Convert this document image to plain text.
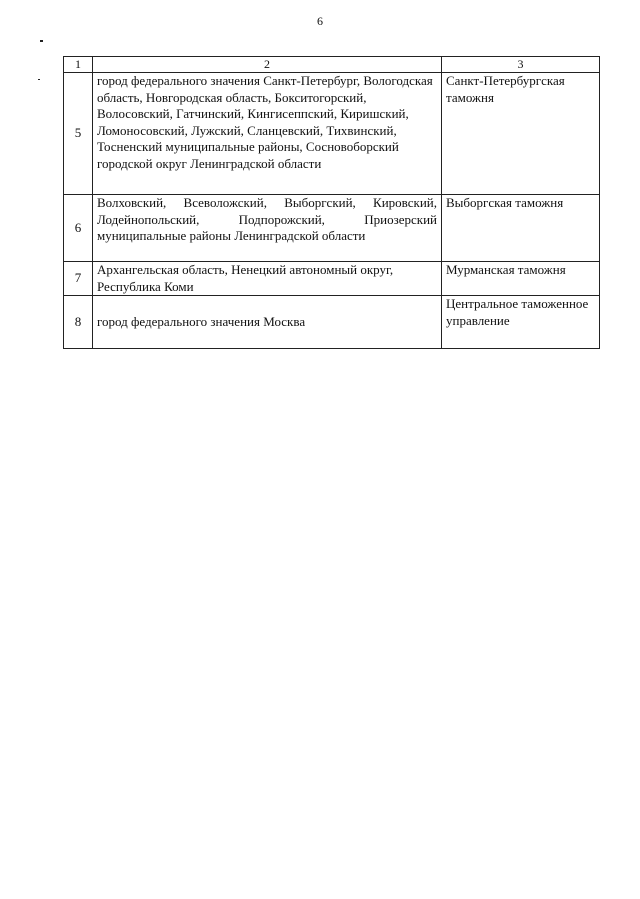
6
1	2	3
5	город федерального значения Санкт-Петербург, Вологодская область, Новгородская область, Бокситогорский, Волосовский, Гатчинский, Кингисеппский, Киришский, Ломоносовский, Лужский, Сланцевский, Тихвинский, Тосненский муниципальные районы, Сосновоборский городской округ Ленинградской области	Санкт-Петербургская таможня
6	Волховский, Всеволожский, Выборгский, Кировский, Лодейнопольский, Подпорожский, Приозерский муниципальные районы Ленинградской области	Выборгская таможня
7	Архангельская область, Ненецкий автономный округ, Республика Коми	Мурманская таможня
8	город федерального значения Москва	Центральное таможенное управление
